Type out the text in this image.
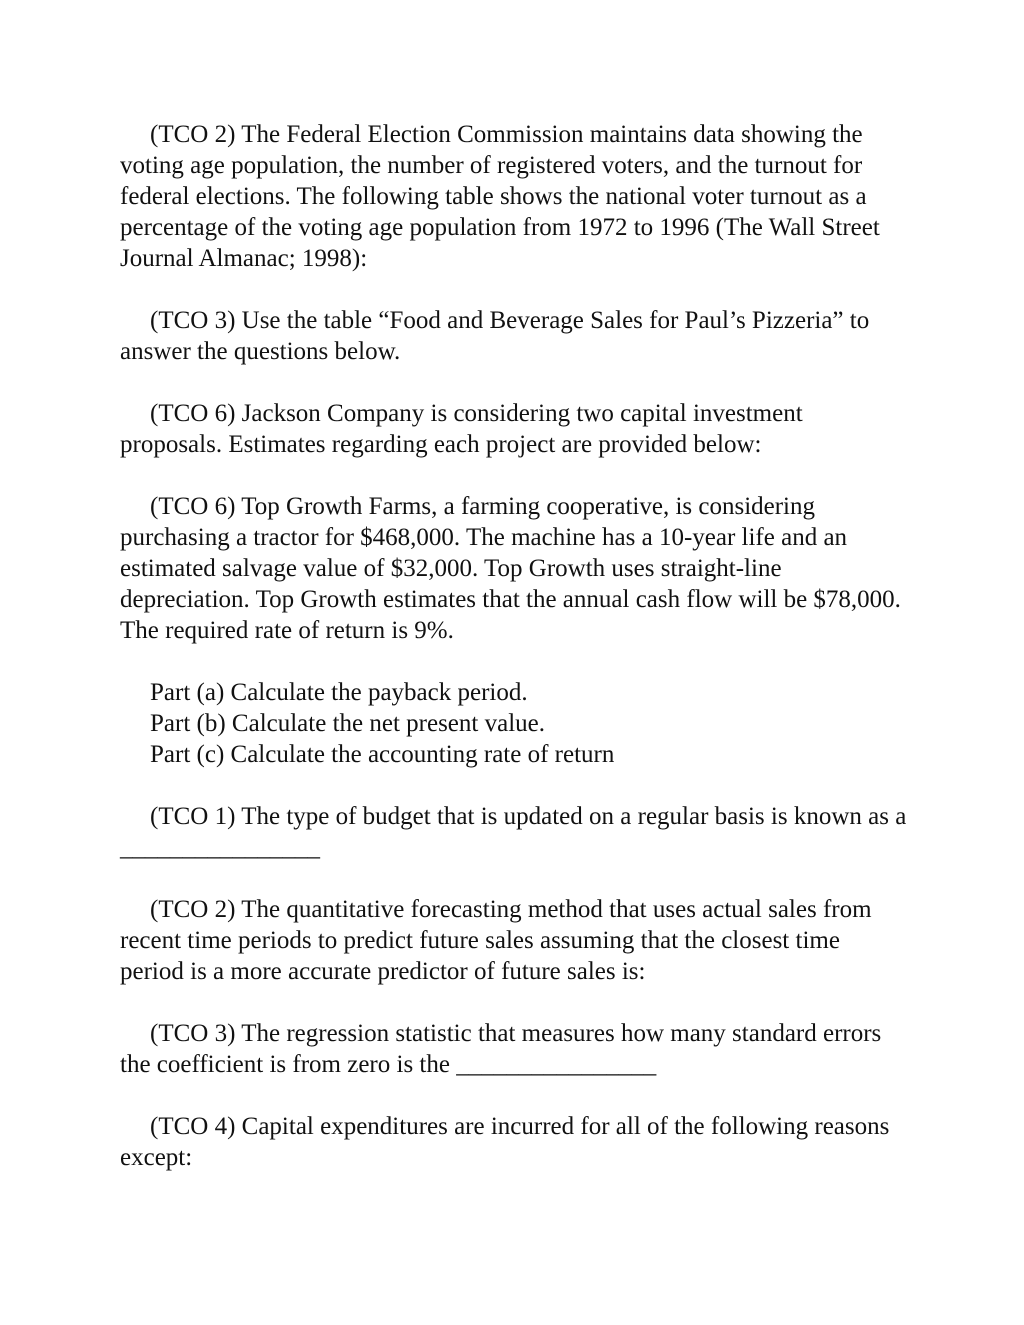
(TCO 2) The Federal Election Commission maintains data showing the voting age population, the number of registered voters, and the turnout for federal elections. The following table shows the national voter turnout as a percentage of the voting age population from 1972 to 1996 (The Wall Street Journal Almanac; 1998):

(TCO 3) Use the table “Food and Beverage Sales for Paul’s Pizzeria” to answer the questions below.

(TCO 6) Jackson Company is considering two capital investment proposals. Estimates regarding each project are provided below:

(TCO 6) Top Growth Farms, a farming cooperative, is considering purchasing a tractor for $468,000. The machine has a 10-year life and an estimated salvage value of $32,000. Top Growth uses straight-line depreciation. Top Growth estimates that the annual cash flow will be $78,000. The required rate of return is 9%.

Part (a) Calculate the payback period.
Part (b) Calculate the net present value.
Part (c) Calculate the accounting rate of return

(TCO 1) The type of budget that is updated on a regular basis is known as a ________________

(TCO 2) The quantitative forecasting method that uses actual sales from recent time periods to predict future sales assuming that the closest time period is a more accurate predictor of future sales is:

(TCO 3) The regression statistic that measures how many standard errors the coefficient is from zero is the ________________

(TCO 4) Capital expenditures are incurred for all of the following reasons except:
